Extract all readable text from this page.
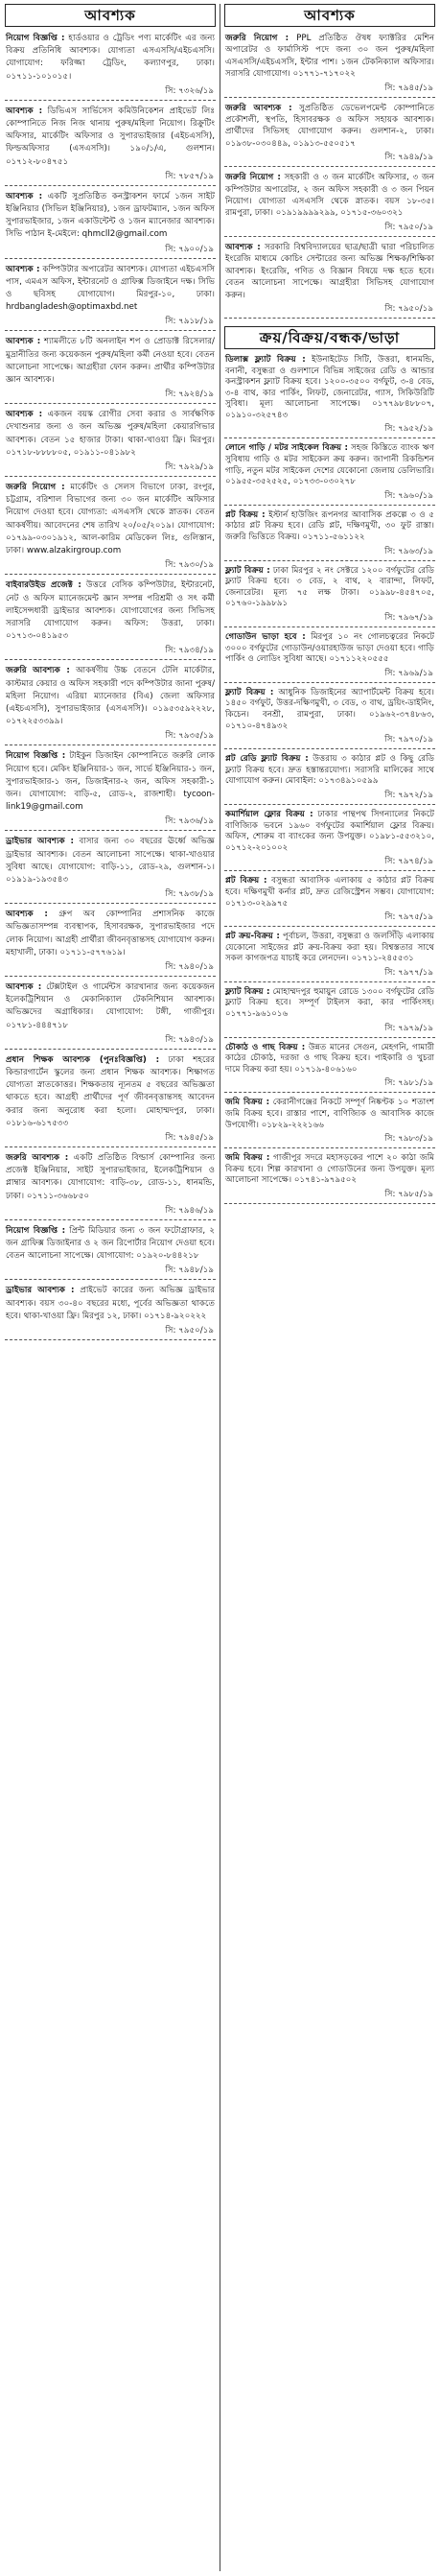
আবশ্যক

নিয়োগ বিজ্ঞপ্তি : হার্ডওয়ার ও ট্রেডিং পণ্য মার্কেটিং এর জন্য বিক্রয় প্রতিনিধি আবশ্যক। যোগ্যতা এসএসসি/এইচএসসি। যোগাযোগ: ফরিজ্জা ট্রেডিং, কল্যাণপুর, ঢাকা। ০১৭১১-১০১০১৫।

সি: ৭৩২৬/১৯

আবশ্যক : ডিভিএস সার্ভিসেস কমিউনিকেশন প্রাইভেট লিঃ কোম্পানিতে নিজ নিজ থানায় পুরুষ/মহিলা নিয়োগ। রিক্রুটিং অফিসার, মার্কেটিং অফিসার ও সুপারভাইজার (এইচএসসি), ফিল্ডঅফিসার (এসএসসি)। ১৯০/১/এ, গুলশান। ০১৭১২-৮০৪৭৫১

সি: ৭৮৫৭/১৯

আবশ্যক : একটি সুপ্রতিষ্ঠিত কনস্ট্রাকশন ফার্মে ১জন সাইট ইঞ্জিনিয়ার (সিভিল ইঞ্জিনিয়ার), ১জন ড্রাফটম্যান, ১জন অফিস সুপারভাইজার, ১জন একাউন্টেন্ট ও ১জন ম্যানেজার আবশ্যক। সিভি পাঠান ই-মেইলে: qhmcll2@gmail.com

সি: ৭৯০০/১৯

আবশ্যক : কম্পিউটার অপারেটর আবশ্যক। যোগ্যতা এইচএসসি পাস, এমএস অফিস, ইন্টারনেট ও গ্রাফিক্স ডিজাইনে দক্ষ। সিভি ও ছবিসহ যোগাযোগ। মিরপুর-১০, ঢাকা। hrdbangladesh@optimaxbd.net

সি: ৭৯১৮/১৯

আবশ্যক : শ্যামলীতে ৮টি অনলাইন শপ ও প্রোডাক্ট রিসেলার/মুদ্রানীতির জন্য কয়েকজন পুরুষ/মহিলা কর্মী নেওয়া হবে। বেতন আলোচনা সাপেক্ষে। আগ্রহীরা ফোন করুন। প্রার্থীর কম্পিউটার জ্ঞান আবশ্যক।

সি: ৭৯২৪/১৯

আবশ্যক : একজন বয়স্ক রোগীর সেবা করার ও সার্বক্ষণিক দেখাশুনার জন্য ও জন অভিজ্ঞ পুরুষ/মহিলা কেয়ারগিভার আবশ্যক। বেতন ১৫ হাজার টাকা। থাকা-খাওয়া ফ্রি। মিরপুর। ০১৭১৮-৮৮৮৮০৫, ০১৯১১-০৪১৯৮২

সি: ৭৯২৯/১৯

জরুরি নিয়োগ : মার্কেটিং ও সেলস বিভাগে ঢাকা, রংপুর, চট্টগ্রাম, বরিশাল বিভাগের জন্য ৩০ জন মার্কেটিং অফিসার নিয়োগ দেওয়া হবে। যোগ্যতা: এসএসসি থেকে স্নাতক। বেতন আকর্ষণীয়। আবেদনের শেষ তারিখ ২০/০৫/২০১৯। যোগাযোগ: ০১৭৯৯-০৩০১৯১২, আল-কারিম মেডিকেল লিঃ, গুলিস্তান, ঢাকা। www.alzakirgroup.com

সি: ৭৯৩০/১৯

বাইবারউইড প্রজেক্ট : উত্তরে বেসিক কম্পিউটার, ইন্টারনেট, নেট ও অফিস ম্যানেজমেন্ট জ্ঞান সম্পন্ন পরিশ্রমী ও সৎ কর্মী লাইসেন্সধারী ড্রাইভার আবশ্যক। যোগাযোগের জন্য সিভিসহ সরাসরি যোগাযোগ করুন। অফিস: উত্তরা, ঢাকা। ০১৭১৩-০৪১৯৫৩

সি: ৭৯৩৪/১৯

জরুরি আবশ্যক : আকর্ষণীয় উচ্চ বেতনে টেলি মার্কেটার, কাস্টমার কেয়ার ও অফিস সহকারী পদে কম্পিউটার জানা পুরুষ/মহিলা নিয়োগ। এরিয়া ম্যানেজার (বিএ) জেলা অফিসার (এইচএসসি), সুপারভাইজার (এসএসসি)। ০১৯৫৩৫৯২২২৮, ০১৭২২৫৩৩৯৯।

সি: ৭৯৩৫/১৯

নিয়োগ বিজ্ঞপ্তি : টাইকুন ডিজাইন কোম্পানিতে জরুরি লোক নিয়োগ হবে। মেকিং ইঞ্জিনিয়ার-১ জন, সার্ভে ইঞ্জিনিয়ার-১ জন, সুপারভাইজার-১ জন, ডিজাইনার-২ জন, অফিস সহকারী-১ জন। যোগাযোগ: বাড়ি-৫, রোড-২, রাজশাহী। tycoon-link19@gmail.com

সি: ৭৯৩৬/১৯

ড্রাইভার আবশ্যক : বাসার জন্য ৩০ বছরের ঊর্ধ্বে অভিজ্ঞ ড্রাইভার আবশ্যক। বেতন আলোচনা সাপেক্ষে। থাকা-খাওয়ার সুবিধা আছে। যোগাযোগ: বাড়ি-১১, রোড-২৯, গুলশান-১। ০১৯১৯-১৯৩৫৪৩

সি: ৭৯৩৮/১৯

আবশ্যক : গ্রুপ অব কোম্পানির প্রশাসনিক কাজে অভিজ্ঞতাসম্পন্ন ব্যবস্থাপক, হিসাবরক্ষক, সুপারভাইজার পদে লোক নিয়োগ। আগ্রহী প্রার্থীরা জীবনবৃত্তান্তসহ যোগাযোগ করুন। মহাখালী, ঢাকা। ০১৭১১-৫৭৭৬১৯।

সি: ৭৯৪০/১৯

আবশ্যক : টেক্সটাইল ও গার্মেন্টস কারখানার জন্য কয়েকজন ইলেকট্রিশিয়ান ও মেকানিক্যাল টেকনিশিয়ান আবশ্যক। অভিজ্ঞদের অগ্রাধিকার। যোগাযোগ: টঙ্গী, গাজীপুর। ০১৭৮১-৪৪৪৭১৮

সি: ৭৯৪৩/১৯

প্রধান শিক্ষক আবশ্যক (পুনঃবিজ্ঞপ্তি) : ঢাকা শহরের কিন্ডারগার্টেন স্কুলের জন্য প্রধান শিক্ষক আবশ্যক। শিক্ষাগত যোগ্যতা স্নাতকোত্তর। শিক্ষকতায় ন্যূনতম ৫ বছরের অভিজ্ঞতা থাকতে হবে। আগ্রহী প্রার্থীদের পূর্ণ জীবনবৃত্তান্তসহ আবেদন করার জন্য অনুরোধ করা হলো। মোহাম্মদপুর, ঢাকা। ০১৮১৬-৬১৭৫৩৩

সি: ৭৯৪৫/১৯

জরুরি আবশ্যক : একটি প্রতিষ্ঠিত বিল্ডার্স কোম্পানির জন্য প্রজেক্ট ইঞ্জিনিয়ার, সাইট সুপারভাইজার, ইলেকট্রিশিয়ান ও প্লাম্বার আবশ্যক। যোগাযোগ: বাড়ি-৩৮, রোড-১১, ধানমন্ডি, ঢাকা। ০১৭১১-৩৬৬৮৫০

সি: ৭৯৪৬/১৯

নিয়োগ বিজ্ঞপ্তি : প্রিন্ট মিডিয়ার জন্য ৩ জন ফটোগ্রাফার, ২ জন গ্রাফিক্স ডিজাইনার ও ২ জন রিপোর্টার নিয়োগ দেওয়া হবে। বেতন আলোচনা সাপেক্ষে। যোগাযোগ: ০১৯২০-৮৪৪২১৮

সি: ৭৯৪৮/১৯

ড্রাইভার আবশ্যক : প্রাইভেট কারের জন্য অভিজ্ঞ ড্রাইভার আবশ্যক। বয়স ৩০-৪০ বছরের মধ্যে, পূর্বের অভিজ্ঞতা থাকতে হবে। থাকা-খাওয়া ফ্রি। মিরপুর ১২, ঢাকা। ০১৭১৪-৯২০২২২

সি: ৭৯৫০/১৯
আবশ্যক

জরুরি নিয়োগ : PPL প্রতিষ্ঠিত ঔষধ ফ্যাক্টরির মেশিন অপারেটর ও ফার্মাসিস্ট পদে জন্য ৩০ জন পুরুষ/মহিলা এসএসসি/এইচএসসি, ইন্টার পাশ। ১জন টেকনিক্যাল অফিসার। সরাসরি যোগাযোগ। ০১৭৭১-৭১৭০২২

সি: ৭৯৪৫/১৯

জরুরি আবশ্যক : সুপ্রতিষ্ঠিত ডেভেলপমেন্ট কোম্পানিতে প্রকৌশলী, স্থপতি, হিসাবরক্ষক ও অফিস সহায়ক আবশ্যক। প্রার্থীদের সিভিসহ যোগাযোগ করুন। গুলশান-২, ঢাকা। ০১৯৩৮-০৩০৪৪৯, ০১৯১৩-৫৫০৫১৭

সি: ৭৯৪৯/১৯

জরুরি নিয়োগ : সহকারী ও ৩ জন মার্কেটিং অফিসার, ৩ জন কম্পিউটার অপারেটর, ২ জন অফিস সহকারী ও ৩ জন পিয়ন নিয়োগ। যোগ্যতা এসএসসি থেকে স্নাতক। বয়স ১৮-৩৫। রামপুরা, ঢাকা। ০১৯১৯৯৯৯২৯৯, ০১৭১৫-৩৬০৩২১

সি: ৭৯৫০/১৯

আবশ্যক : সরকারি বিশ্ববিদ্যালয়ের ছাত্র/ছাত্রী দ্বারা পরিচালিত ইংরেজি মাধ্যমে কোচিং সেন্টারের জন্য অভিজ্ঞ শিক্ষক/শিক্ষিকা আবশ্যক। ইংরেজি, গণিত ও বিজ্ঞান বিষয়ে দক্ষ হতে হবে। বেতন আলোচনা সাপেক্ষে। আগ্রহীরা সিভিসহ যোগাযোগ করুন।

সি: ৭৯৫০/১৯
ক্রয়/বিক্রয়/বন্ধক/ভাড়া

ডিলাক্স ফ্ল্যাট বিক্রয় : ইউনাইটেড সিটি, উত্তরা, ধানমন্ডি, বনানী, বসুন্ধরা ও গুলশানে বিভিন্ন সাইজের রেডি ও আন্ডার কনস্ট্রাকশন ফ্ল্যাট বিক্রয় হবে। ১২০০-৩৫০০ বর্গফুট, ৩-৪ বেড, ৩-৪ বাথ, কার পার্কিং, লিফট, জেনারেটর, গ্যাস, সিকিউরিটি সুবিধা। মূল্য আলোচনা সাপেক্ষে। ০১৭৭৯৮৪৮৮০৭, ০১৯১০-৩২৫৭৪৩

সি: ৭৯৫২/১৯

লোনে গাড়ি / মটর সাইকেল বিক্রয় : সহজ কিস্তিতে ব্যাংক ঋণ সুবিধায় গাড়ি ও মটর সাইকেল ক্রয় করুন। জাপানী রিকন্ডিশন গাড়ি, নতুন মটর সাইকেল দেশের যেকোনো জেলায় ডেলিভারি। ০১৯৫৫-৩৫২৫২৫, ০১৭৩৩-০৩০২৭৮

সি: ৭৯৬০/১৯

প্লট বিক্রয় : ইস্টার্ন হাউজিং রূপনগর আবাসিক প্রকল্পে ৩ ও ৫ কাঠার প্লট বিক্রয় হবে। রেডি প্লট, দক্ষিণমুখী, ৩০ ফুট রাস্তা। জরুরি ভিত্তিতে বিক্রয়। ০১৭১১-৫৬১১২২

সি: ৭৯৬৩/১৯

ফ্ল্যাট বিক্রয় : ঢাকা মিরপুর ২ নং সেক্টরে ১২০০ বর্গফুটের রেডি ফ্ল্যাট বিক্রয় হবে। ৩ বেড, ২ বাথ, ২ বারান্দা, লিফট, জেনারেটর। মূল্য ৭৫ লক্ষ টাকা। ০১৯৯৮-৪৫৪৭০৫, ০১৭৬০-১৯৯৮৯১

সি: ৭৯৬৭/১৯

গোডাউন ভাড়া হবে : মিরপুর ১০ নং গোলচত্বরের নিকটে ৩০০০ বর্গফুটের গোডাউন/ওয়ারহাউজ ভাড়া দেওয়া হবে। গাড়ি পার্কিং ও লোডিং সুবিধা আছে। ০১৭১১২২০৫৫৫

সি: ৭৯৬৯/১৯

ফ্ল্যাট বিক্রয় : আধুনিক ডিজাইনের অ্যাপার্টমেন্ট বিক্রয় হবে। ১৪৫০ বর্গফুট, উত্তর-দক্ষিণমুখী, ৩ বেড, ৩ বাথ, ড্রয়িং-ডাইনিং, কিচেন। বনশ্রী, রামপুরা, ঢাকা। ০১৯৬২-৩৭৪৮৬৩, ০১৭১০-৪৭৪৯৩২

সি: ৭৯৭০/১৯

প্লট রেডি ফ্ল্যাট বিক্রয় : উত্তরায় ৩ কাঠার প্লট ও কিছু রেডি ফ্ল্যাট বিক্রয় হবে। দ্রুত হস্তান্তরযোগ্য। সরাসরি মালিকের সাথে যোগাযোগ করুন। মোবাইল: ০১৭৩৪৯১০৫৯৯

সি: ৭৯৭২/১৯

কমার্শিয়াল ফ্লোর বিক্রয় : ঢাকার পান্থপথ সিগন্যালের নিকটে বাণিজ্যিক ভবনে ১৯৬০ বর্গফুটের কমার্শিয়াল ফ্লোর বিক্রয়। অফিস, শোরুম বা ব্যাংকের জন্য উপযুক্ত। ০১৯৮১-৫৫৩২১০, ০১৭১২-২০১০০২

সি: ৭৯৭৪/১৯

প্লট বিক্রয় : বসুন্ধরা আবাসিক এলাকায় ৫ কাঠার প্লট বিক্রয় হবে। দক্ষিণমুখী কর্নার প্লট, দ্রুত রেজিস্ট্রেশন সম্ভব। যোগাযোগ: ০১৭১৩-০২৯৯৭৫

সি: ৭৯৭৫/১৯

প্লট ক্রয়-বিক্রয় : পূর্বাচল, উত্তরা, বসুন্ধরা ও জলসিঁড়ি এলাকায় যেকোনো সাইজের প্লট ক্রয়-বিক্রয় করা হয়। বিশ্বস্ততার সাথে সকল কাগজপত্র যাচাই করে লেনদেন। ০১৭১১-২৪৫৫৩১

সি: ৭৯৭৭/১৯

ফ্ল্যাট বিক্রয় : মোহাম্মদপুর হুমায়ুন রোডে ১৩০০ বর্গফুটের রেডি ফ্ল্যাট বিক্রয় হবে। সম্পূর্ণ টাইলস করা, কার পার্কিংসহ। ০১৭৭১-৯৬১০১৬

সি: ৭৯৭৯/১৯

চৌকাঠ ও গাছ বিক্রয় : উন্নত মানের সেগুন, মেহগনি, গামারী কাঠের চৌকাঠ, দরজা ও গাছ বিক্রয় হবে। পাইকারি ও খুচরা দামে বিক্রয় করা হয়। ০১৭১৯-৪০৬১৬০

সি: ৭৯৮১/১৯

জমি বিক্রয় : কেরানীগঞ্জের নিকটে সম্পূর্ণ নিষ্কণ্টক ১০ শতাংশ জমি বিক্রয় হবে। রাস্তার পাশে, বাণিজ্যিক ও আবাসিক কাজে উপযোগী। ০১৮২৯-২২২১৬৬

সি: ৭৯৮৩/১৯

জমি বিক্রয় : গাজীপুর সদরে মহাসড়কের পাশে ২০ কাঠা জমি বিক্রয় হবে। শিল্প কারখানা ও গোডাউনের জন্য উপযুক্ত। মূল্য আলোচনা সাপেক্ষে। ০১৭৪১-৯৭৯৫০২

সি: ৭৯৮৫/১৯
